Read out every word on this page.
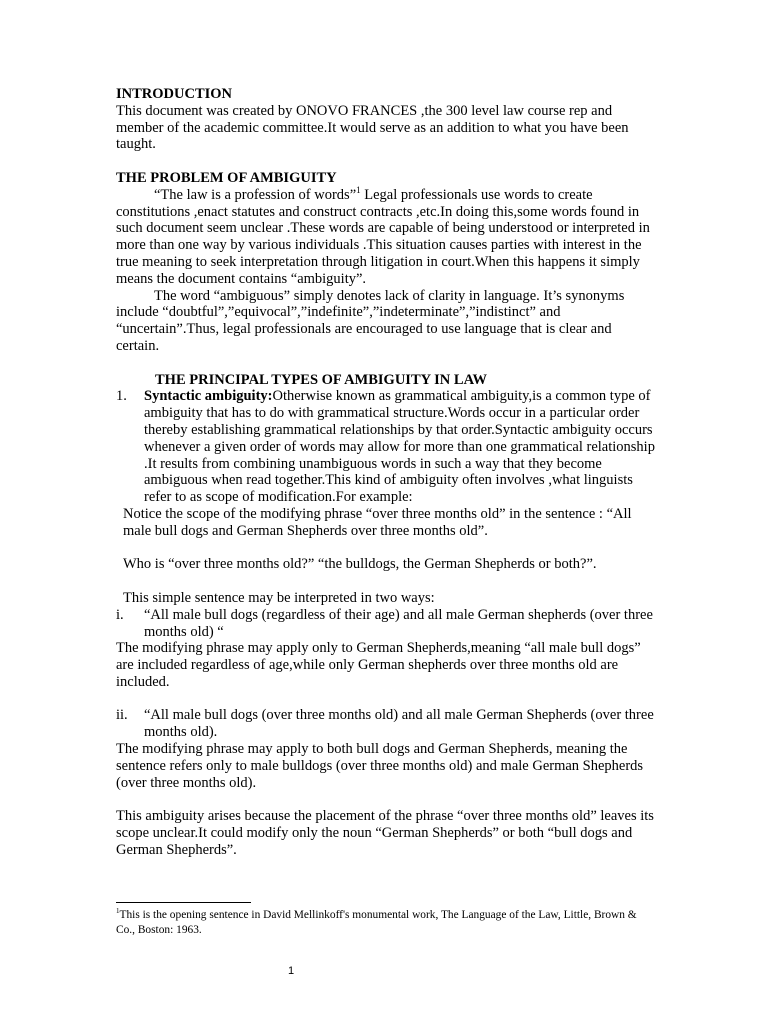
INTRODUCTION

This document was created by ONOVO FRANCES ,the 300 level law course rep and member of the academic committee.It would serve as an addition to what you have been taught.

THE PROBLEM OF AMBIGUITY

“The law is a profession of words”$^1$ Legal professionals use words to create constitutions ,enact statutes and construct contracts ,etc.In doing this,some words found in such document seem unclear .These words are capable of being understood or interpreted in more than one way by various individuals .This situation causes parties with interest in the true meaning to seek interpretation through litigation in court.When this happens it simply means the document contains “ambiguity”.

The word “ambiguous” simply denotes lack of clarity in language. It’s synonyms include “doubtful”,”equivocal”,”indefinite”,”indeterminate”,”indistinct” and “uncertain”.Thus, legal professionals are encouraged to use language that is clear and certain.

THE PRINCIPAL TYPES OF AMBIGUITY IN LAW

1. Syntactic ambiguity:Otherwise known as grammatical ambiguity,is a common type of ambiguity that has to do with grammatical structure.Words occur in a particular order thereby establishing grammatical relationships by that order.Syntactic ambiguity occurs whenever a given order of words may allow for more than one grammatical relationship .It results from combining unambiguous words in such a way that they become ambiguous when read together.This kind of ambiguity often involves ,what linguists refer to as scope of modification.For example:

Notice the scope of the modifying phrase “over three months old” in the sentence : “All male bull dogs and German Shepherds over three months old”.

Who is “over three months old?” “the bulldogs, the German Shepherds or both?”.

This simple sentence may be interpreted in two ways:

i. “All male bull dogs (regardless of their age) and all male German shepherds (over three months old) “

The modifying phrase may apply only to German Shepherds,meaning “all male bull dogs” are included regardless of age,while only German shepherds over three months old are included.

ii. “All male bull dogs (over three months old) and all male German Shepherds (over three months old).

The modifying phrase may apply to both bull dogs and German Shepherds, meaning the sentence refers only to male bulldogs (over three months old) and male German Shepherds (over three months old).

This ambiguity arises because the placement of the phrase “over three months old” leaves its scope unclear.It could modify only the noun “German Shepherds” or both “bull dogs and German Shepherds”.

$^1$This is the opening sentence in David Mellinkoff's monumental work, The Language of the Law, Little, Brown & Co., Boston: 1963.

1
